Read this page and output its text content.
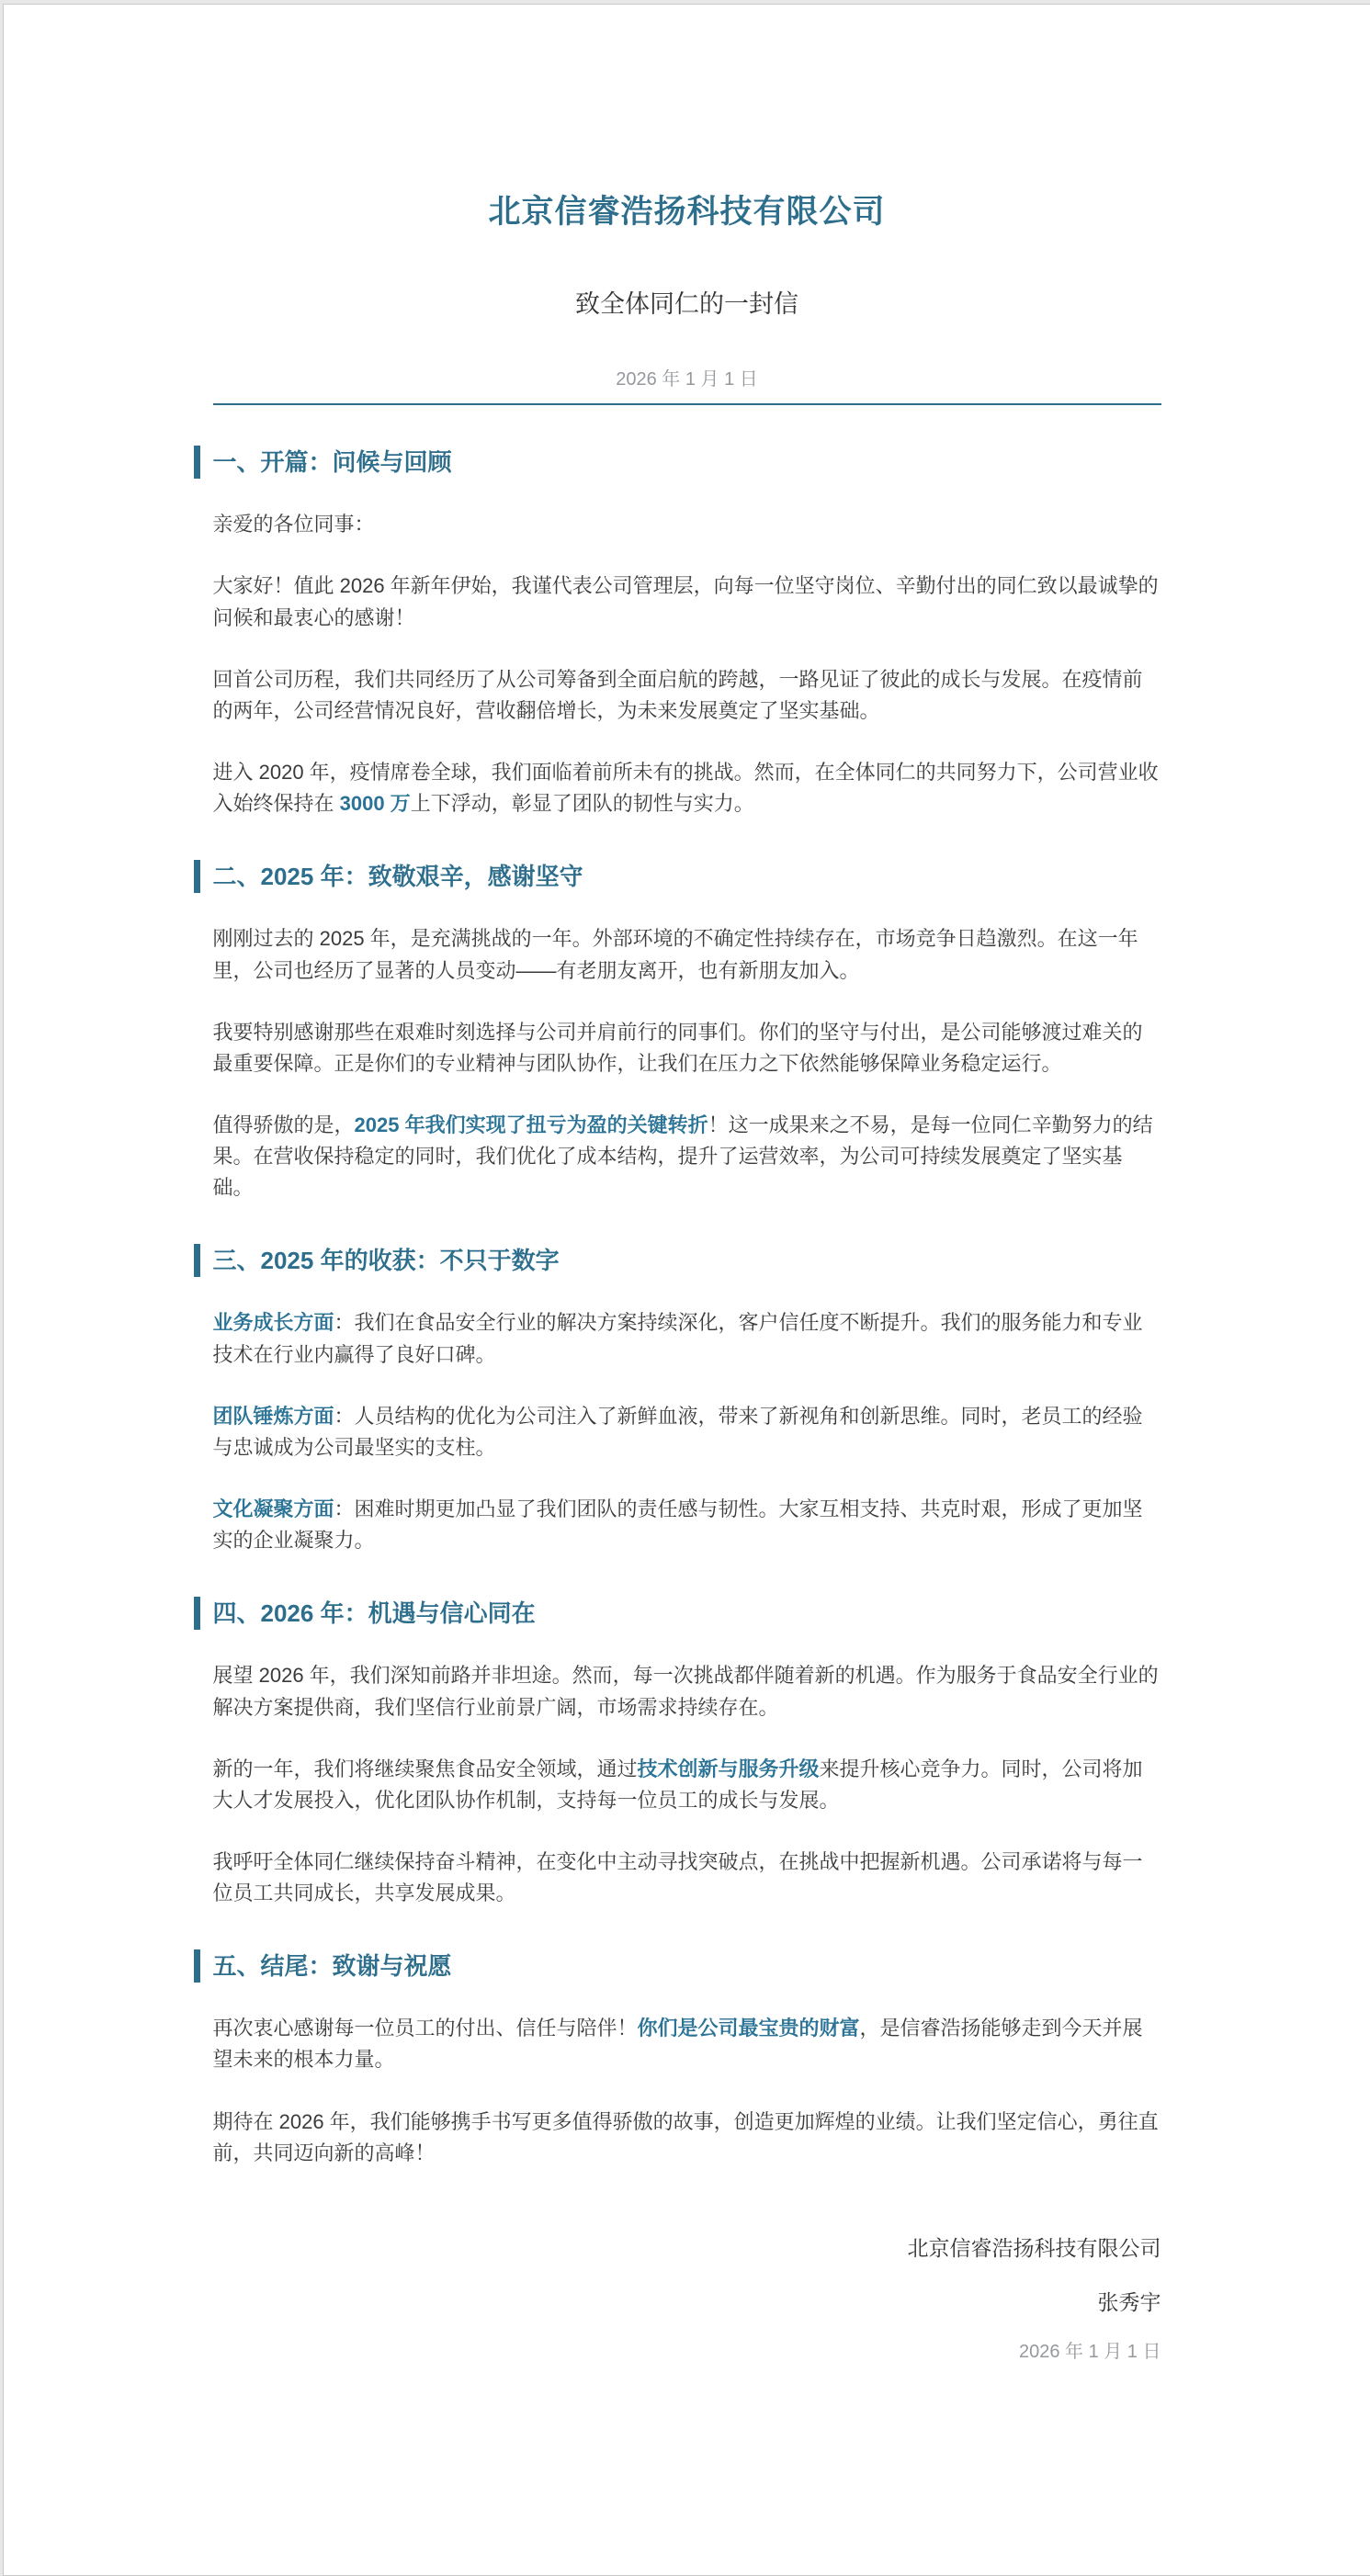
北京信睿浩扬科技有限公司
致全体同仁的一封信
2026 年 1 月 1 日
一、开篇：问候与回顾

亲爱的各位同事：

大家好！值此 2026 年新年伊始，我谨代表公司管理层，向每一位坚守岗位、辛勤付出的同仁致以最诚挚的问候和最衷心的感谢！

回首公司历程，我们共同经历了从公司筹备到全面启航的跨越，一路见证了彼此的成长与发展。在疫情前的两年，公司经营情况良好，营收翻倍增长，为未来发展奠定了坚实基础。

进入 2020 年，疫情席卷全球，我们面临着前所未有的挑战。然而，在全体同仁的共同努力下，公司营业收入始终保持在 3000 万上下浮动，彰显了团队的韧性与实力。

二、2025 年：致敬艰辛，感谢坚守

刚刚过去的 2025 年，是充满挑战的一年。外部环境的不确定性持续存在，市场竞争日趋激烈。在这一年里，公司也经历了显著的人员变动——有老朋友离开，也有新朋友加入。

我要特别感谢那些在艰难时刻选择与公司并肩前行的同事们。你们的坚守与付出，是公司能够渡过难关的最重要保障。正是你们的专业精神与团队协作，让我们在压力之下依然能够保障业务稳定运行。

值得骄傲的是，2025 年我们实现了扭亏为盈的关键转折！这一成果来之不易，是每一位同仁辛勤努力的结果。在营收保持稳定的同时，我们优化了成本结构，提升了运营效率，为公司可持续发展奠定了坚实基础。

三、2025 年的收获：不只于数字

业务成长方面：我们在食品安全行业的解决方案持续深化，客户信任度不断提升。我们的服务能力和专业技术在行业内赢得了良好口碑。

团队锤炼方面：人员结构的优化为公司注入了新鲜血液，带来了新视角和创新思维。同时，老员工的经验与忠诚成为公司最坚实的支柱。

文化凝聚方面：困难时期更加凸显了我们团队的责任感与韧性。大家互相支持、共克时艰，形成了更加坚实的企业凝聚力。

四、2026 年：机遇与信心同在

展望 2026 年，我们深知前路并非坦途。然而，每一次挑战都伴随着新的机遇。作为服务于食品安全行业的解决方案提供商，我们坚信行业前景广阔，市场需求持续存在。

新的一年，我们将继续聚焦食品安全领域，通过技术创新与服务升级来提升核心竞争力。同时，公司将加大人才发展投入，优化团队协作机制，支持每一位员工的成长与发展。

我呼吁全体同仁继续保持奋斗精神，在变化中主动寻找突破点，在挑战中把握新机遇。公司承诺将与每一位员工共同成长，共享发展成果。

五、结尾：致谢与祝愿

再次衷心感谢每一位员工的付出、信任与陪伴！你们是公司最宝贵的财富，是信睿浩扬能够走到今天并展望未来的根本力量。

期待在 2026 年，我们能够携手书写更多值得骄傲的故事，创造更加辉煌的业绩。让我们坚定信心，勇往直前，共同迈向新的高峰！

北京信睿浩扬科技有限公司
张秀宇
2026 年 1 月 1 日
